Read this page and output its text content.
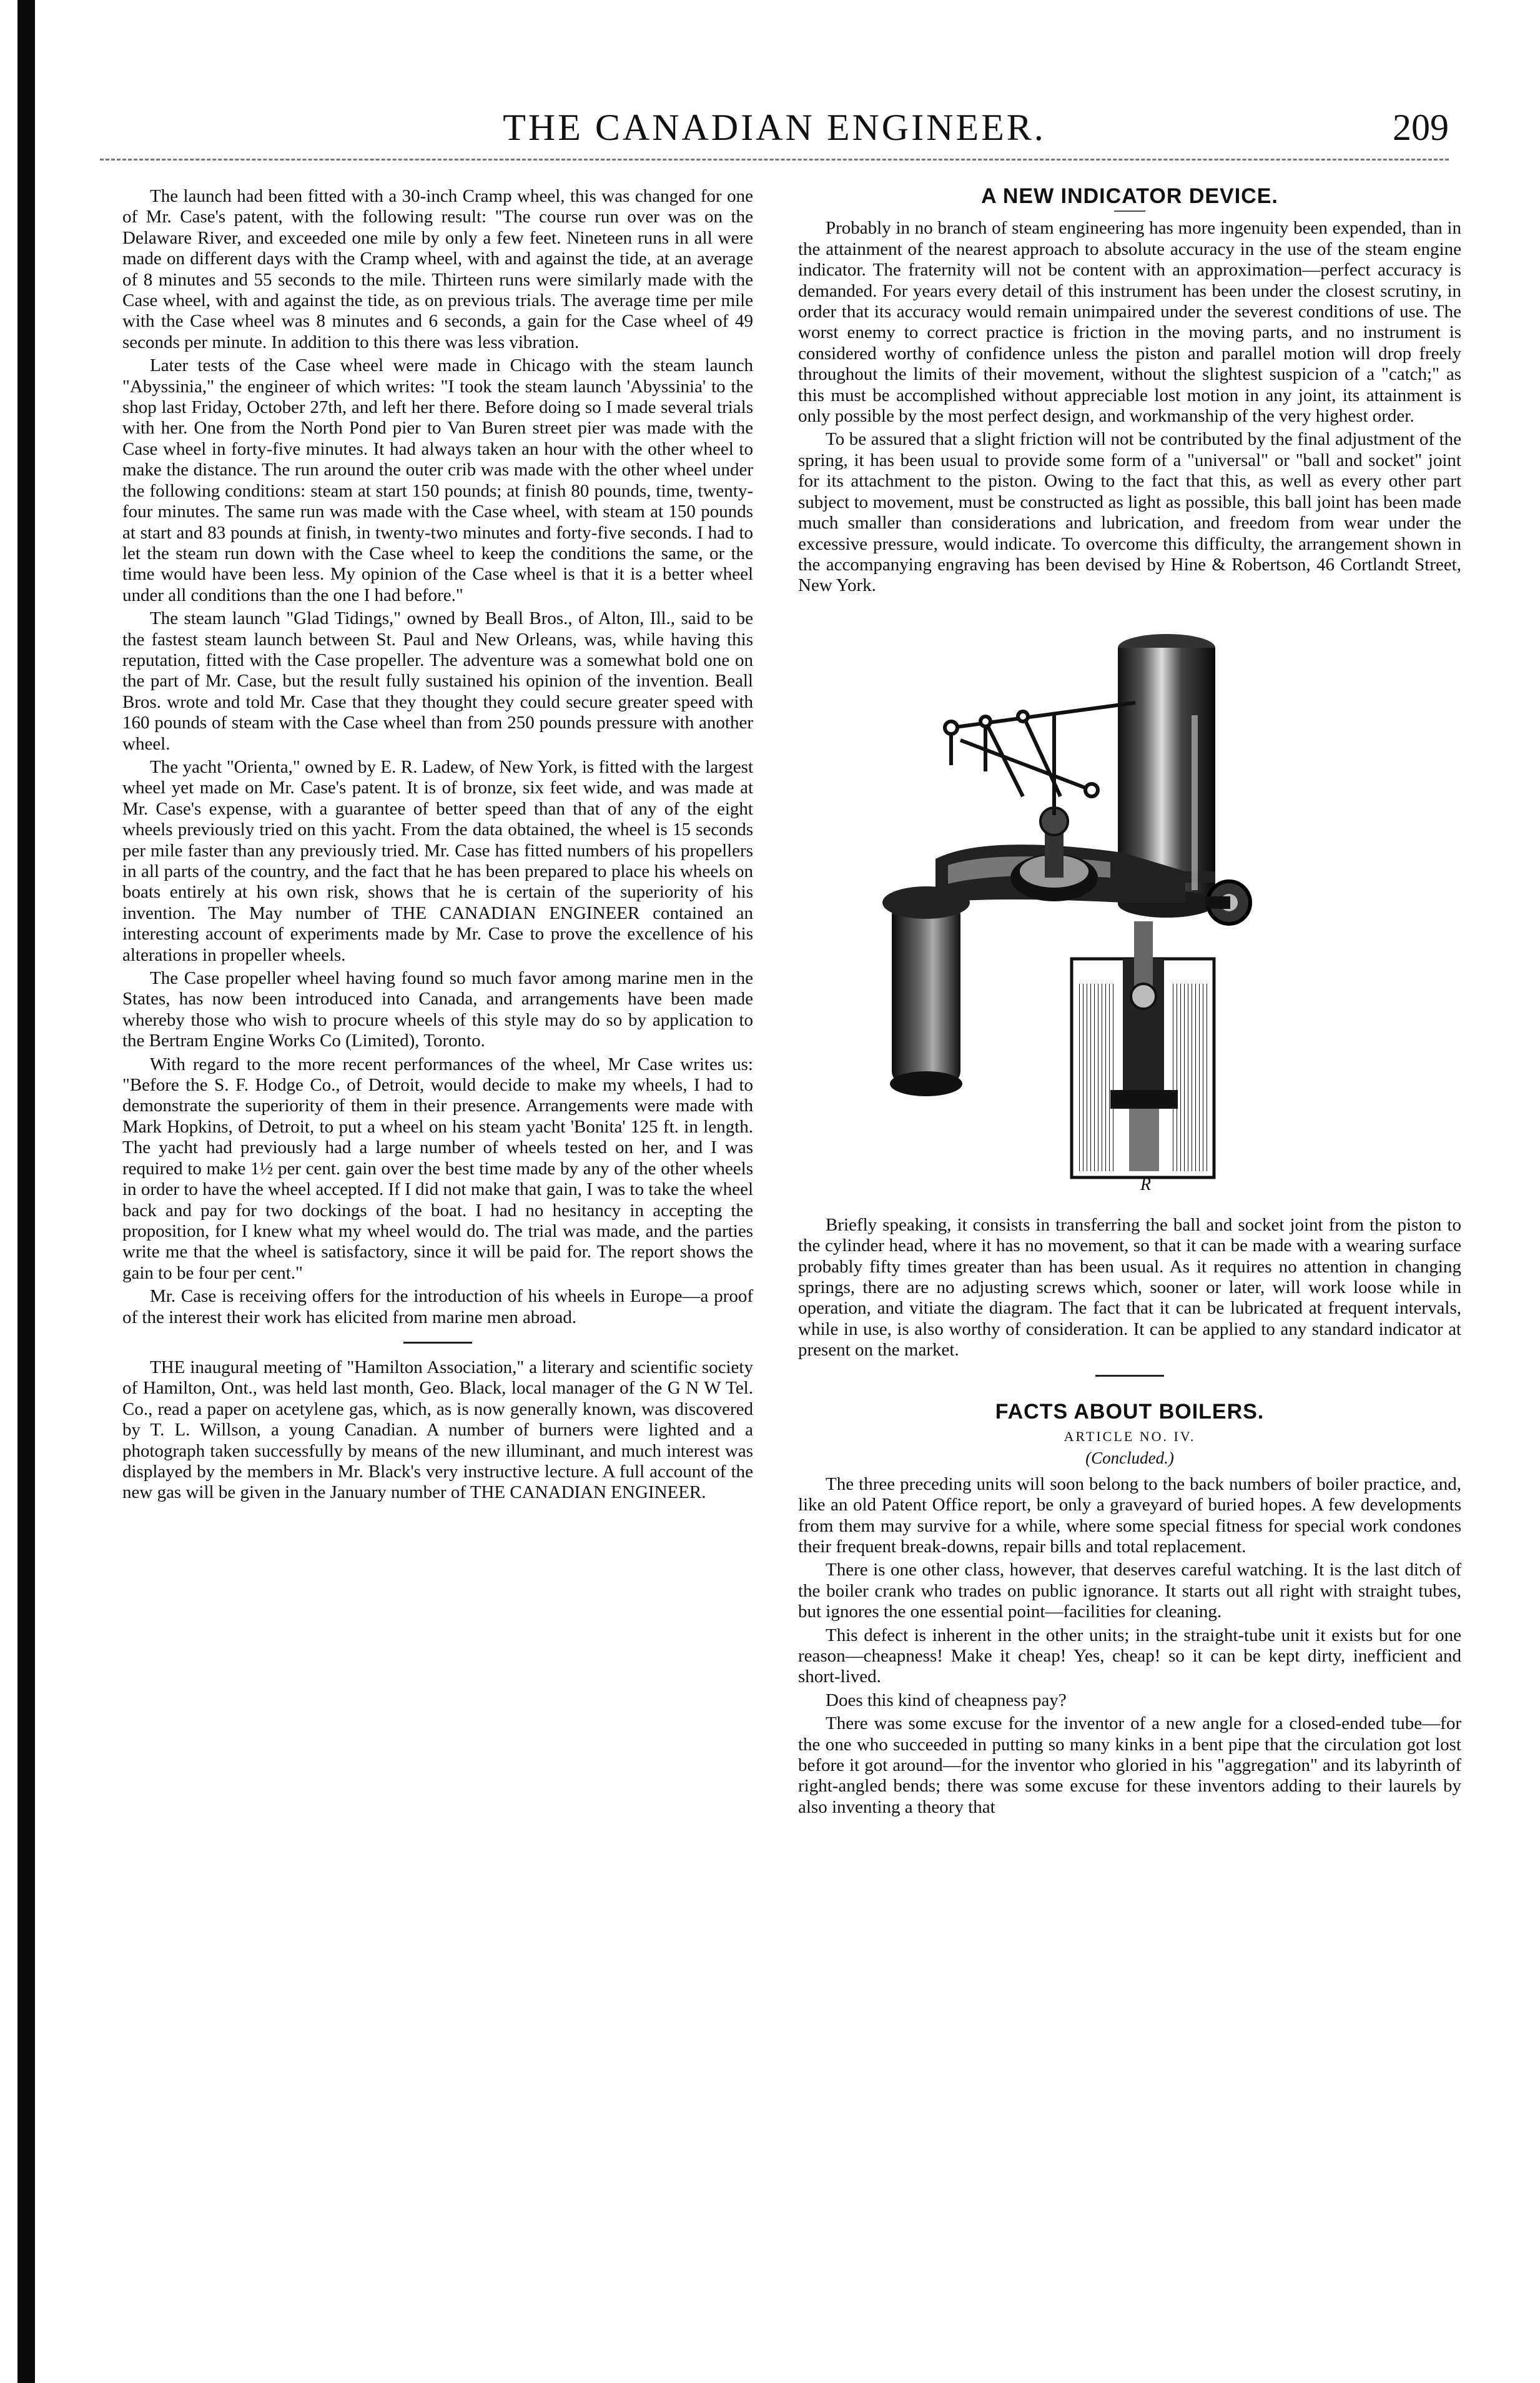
THE CANADIAN ENGINEER.	209

The launch had been fitted with a 30-inch Cramp wheel, this was changed for one of Mr. Case's patent, with the following result: "The course run over was on the Delaware River, and exceeded one mile by only a few feet. Nineteen runs in all were made on different days with the Cramp wheel, with and against the tide, at an average of 8 minutes and 55 seconds to the mile. Thirteen runs were similarly made with the Case wheel, with and against the tide, as on previous trials. The average time per mile with the Case wheel was 8 minutes and 6 seconds, a gain for the Case wheel of 49 seconds per minute. In addition to this there was less vibration.

Later tests of the Case wheel were made in Chicago with the steam launch "Abyssinia," the engineer of which writes: "I took the steam launch 'Abyssinia' to the shop last Friday, October 27th, and left her there. Before doing so I made several trials with her. One from the North Pond pier to Van Buren street pier was made with the Case wheel in forty-five minutes. It had always taken an hour with the other wheel to make the distance. The run around the outer crib was made with the other wheel under the following conditions: steam at start 150 pounds; at finish 80 pounds, time, twenty-four minutes. The same run was made with the Case wheel, with steam at 150 pounds at start and 83 pounds at finish, in twenty-two minutes and forty-five seconds. I had to let the steam run down with the Case wheel to keep the conditions the same, or the time would have been less. My opinion of the Case wheel is that it is a better wheel under all conditions than the one I had before."

The steam launch "Glad Tidings," owned by Beall Bros., of Alton, Ill., said to be the fastest steam launch between St. Paul and New Orleans, was, while having this reputation, fitted with the Case propeller. The adventure was a somewhat bold one on the part of Mr. Case, but the result fully sustained his opinion of the invention. Beall Bros. wrote and told Mr. Case that they thought they could secure greater speed with 160 pounds of steam with the Case wheel than from 250 pounds pressure with another wheel.

The yacht "Orienta," owned by E. R. Ladew, of New York, is fitted with the largest wheel yet made on Mr. Case's patent. It is of bronze, six feet wide, and was made at Mr. Case's expense, with a guarantee of better speed than that of any of the eight wheels previously tried on this yacht. From the data obtained, the wheel is 15 seconds per mile faster than any previously tried. Mr. Case has fitted numbers of his propellers in all parts of the country, and the fact that he has been prepared to place his wheels on boats entirely at his own risk, shows that he is certain of the superiority of his invention. The May number of THE CANADIAN ENGINEER contained an interesting account of experiments made by Mr. Case to prove the excellence of his alterations in propeller wheels.

The Case propeller wheel having found so much favor among marine men in the States, has now been introduced into Canada, and arrangements have been made whereby those who wish to procure wheels of this style may do so by application to the Bertram Engine Works Co (Limited), Toronto.

With regard to the more recent performances of the wheel, Mr Case writes us: "Before the S. F. Hodge Co., of Detroit, would decide to make my wheels, I had to demonstrate the superiority of them in their presence. Arrangements were made with Mark Hopkins, of Detroit, to put a wheel on his steam yacht 'Bonita' 125 ft. in length. The yacht had previously had a large number of wheels tested on her, and I was required to make 1½ per cent. gain over the best time made by any of the other wheels in order to have the wheel accepted. If I did not make that gain, I was to take the wheel back and pay for two dockings of the boat. I had no hesitancy in accepting the proposition, for I knew what my wheel would do. The trial was made, and the parties write me that the wheel is satisfactory, since it will be paid for. The report shows the gain to be four per cent."

Mr. Case is receiving offers for the introduction of his wheels in Europe—a proof of the interest their work has elicited from marine men abroad.

THE inaugural meeting of "Hamilton Association," a literary and scientific society of Hamilton, Ont., was held last month, Geo. Black, local manager of the G N W Tel. Co., read a paper on acetylene gas, which, as is now generally known, was discovered by T. L. Willson, a young Canadian. A number of burners were lighted and a photograph taken successfully by means of the new illuminant, and much interest was displayed by the members in Mr. Black's very instructive lecture. A full account of the new gas will be given in the January number of THE CANADIAN ENGINEER.

A NEW INDICATOR DEVICE.

Probably in no branch of steam engineering has more ingenuity been expended, than in the attainment of the nearest approach to absolute accuracy in the use of the steam engine indicator. The fraternity will not be content with an approximation—perfect accuracy is demanded. For years every detail of this instrument has been under the closest scrutiny, in order that its accuracy would remain unimpaired under the severest conditions of use. The worst enemy to correct practice is friction in the moving parts, and no instrument is considered worthy of confidence unless the piston and parallel motion will drop freely throughout the limits of their movement, without the slightest suspicion of a "catch;" as this must be accomplished without appreciable lost motion in any joint, its attainment is only possible by the most perfect design, and workmanship of the very highest order.

To be assured that a slight friction will not be contributed by the final adjustment of the spring, it has been usual to provide some form of a "universal" or "ball and socket" joint for its attachment to the piston. Owing to the fact that this, as well as every other part subject to movement, must be constructed as light as possible, this ball joint has been made much smaller than considerations and lubrication, and freedom from wear under the excessive pressure, would indicate. To overcome this difficulty, the arrangement shown in the accompanying engraving has been devised by Hine & Robertson, 46 Cortlandt Street, New York.

R

Briefly speaking, it consists in transferring the ball and socket joint from the piston to the cylinder head, where it has no movement, so that it can be made with a wearing surface probably fifty times greater than has been usual. As it requires no attention in changing springs, there are no adjusting screws which, sooner or later, will work loose while in operation, and vitiate the diagram. The fact that it can be lubricated at frequent intervals, while in use, is also worthy of consideration. It can be applied to any standard indicator at present on the market.

FACTS ABOUT BOILERS.
ARTICLE NO. IV.
(Concluded.)

The three preceding units will soon belong to the back numbers of boiler practice, and, like an old Patent Office report, be only a graveyard of buried hopes. A few developments from them may survive for a while, where some special fitness for special work condones their frequent break-downs, repair bills and total replacement.

There is one other class, however, that deserves careful watching. It is the last ditch of the boiler crank who trades on public ignorance. It starts out all right with straight tubes, but ignores the one essential point—facilities for cleaning.

This defect is inherent in the other units; in the straight-tube unit it exists but for one reason—cheapness! Make it cheap! Yes, cheap! so it can be kept dirty, inefficient and short-lived.

Does this kind of cheapness pay?

There was some excuse for the inventor of a new angle for a closed-ended tube—for the one who succeeded in putting so many kinks in a bent pipe that the circulation got lost before it got around—for the inventor who gloried in his "aggregation" and its labyrinth of right-angled bends; there was some excuse for these inventors adding to their laurels by also inventing a theory that
